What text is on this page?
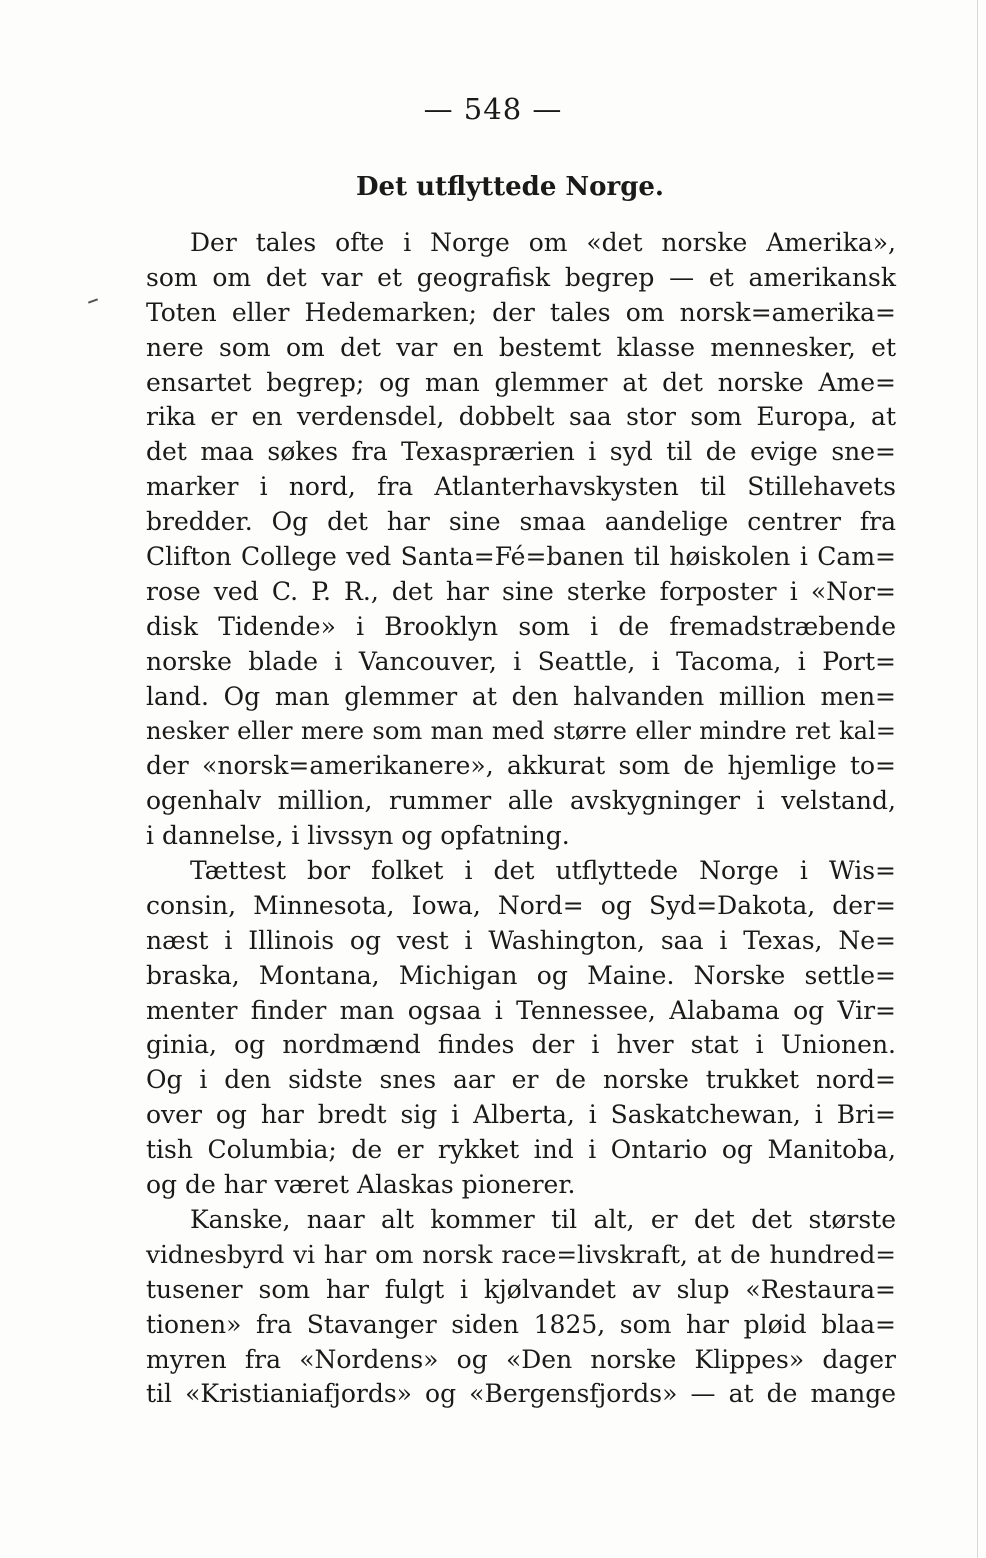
— 548 —
Det utflyttede Norge.
Der tales ofte i Norge om «det norske Amerika»,
som om det var et geografisk begrep — et amerikansk
Toten eller Hedemarken; der tales om norsk=amerika=
nere som om det var en bestemt klasse mennesker, et
ensartet begrep; og man glemmer at det norske Ame=
rika er en verdensdel, dobbelt saa stor som Europa, at
det maa søkes fra Texasprærien i syd til de evige sne=
marker i nord, fra Atlanterhavskysten til Stillehavets
bredder. Og det har sine smaa aandelige centrer fra
Clifton College ved Santa=Fé=banen til høiskolen i Cam=
rose ved C. P. R., det har sine sterke forposter i «Nor=
disk Tidende» i Brooklyn som i de fremadstræbende
norske blade i Vancouver, i Seattle, i Tacoma, i Port=
land. Og man glemmer at den halvanden million men=
nesker eller mere som man med større eller mindre ret kal=
der «norsk=amerikanere», akkurat som de hjemlige to=
ogenhalv million, rummer alle avskygninger i velstand,
i dannelse, i livssyn og opfatning.
Tættest bor folket i det utflyttede Norge i Wis=
consin, Minnesota, Iowa, Nord= og Syd=Dakota, der=
næst i Illinois og vest i Washington, saa i Texas, Ne=
braska, Montana, Michigan og Maine. Norske settle=
menter finder man ogsaa i Tennessee, Alabama og Vir=
ginia, og nordmænd findes der i hver stat i Unionen.
Og i den sidste snes aar er de norske trukket nord=
over og har bredt sig i Alberta, i Saskatchewan, i Bri=
tish Columbia; de er rykket ind i Ontario og Manitoba,
og de har været Alaskas pionerer.
Kanske, naar alt kommer til alt, er det det største
vidnesbyrd vi har om norsk race=livskraft, at de hundred=
tusener som har fulgt i kjølvandet av slup «Restaura=
tionen» fra Stavanger siden 1825, som har pløid blaa=
myren fra «Nordens» og «Den norske Klippes» dager
til «Kristianiafjords» og «Bergensfjords» — at de mange
